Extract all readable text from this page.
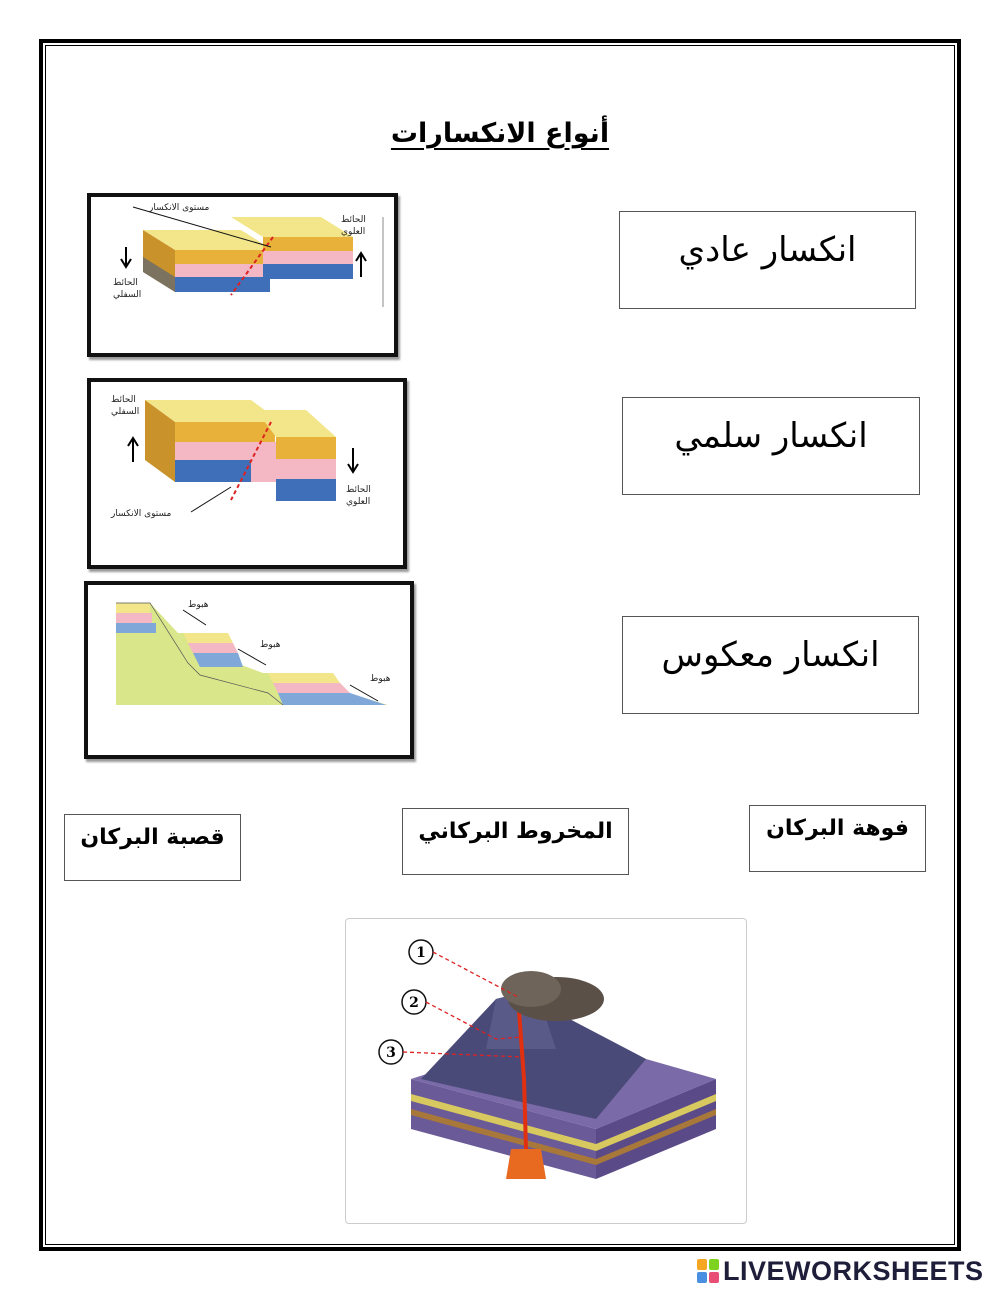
أنواع الانكسارات
مستوى الانكسار
الحائط
العلوي
الحائط
السفلي
الحائط
السفلي
الحائط
العلوي
مستوى الانكسار
هبوط
هبوط
هبوط
انكسار عادي
انكسار سلمي
انكسار معكوس
قصبة البركان	المخروط البركاني	فوهة البركان
1
2
3
LIVEWORKSHEETS
